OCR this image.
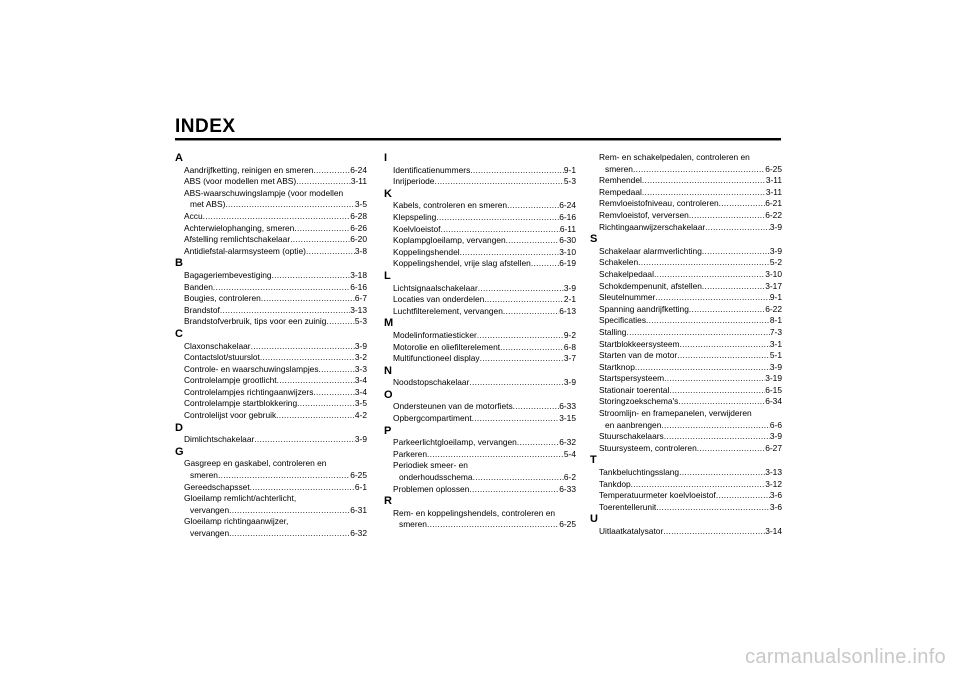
INDEX
A
Aandrijfketting, reinigen en smeren .....	6-24
ABS (voor modellen met ABS) .....	3-11
ABS-waarschuwingslampje (voor modellen
met ABS) .....	3-5
Accu .....	6-28
Achterwielophanging, smeren .....	6-26
Afstelling remlichtschakelaar .....	6-20
Antidiefstal-alarmsysteem (optie) .....	3-8
B
Bagageriembevestiging .....	3-18
Banden .....	6-16
Bougies, controleren .....	6-7
Brandstof .....	3-13
Brandstofverbruik, tips voor een zuinig .....	5-3
C
Claxonschakelaar .....	3-9
Contactslot/stuurslot .....	3-2
Controle- en waarschuwingslampjes .....	3-3
Controlelampje grootlicht .....	3-4
Controlelampjes richtingaanwijzers .....	3-4
Controlelampje startblokkering .....	3-5
Controlelijst voor gebruik .....	4-2
D
Dimlichtschakelaar .....	3-9
G
Gasgreep en gaskabel, controleren en
smeren .....	6-25
Gereedschapsset .....	6-1
Gloeilamp remlicht/achterlicht,
vervangen .....	6-31
Gloeilamp richtingaanwijzer,
vervangen .....	6-32
I
Identificatienummers .....	9-1
Inrijperiode .....	5-3
K
Kabels, controleren en smeren .....	6-24
Klepspeling .....	6-16
Koelvloeistof .....	6-11
Koplampgloeilamp, vervangen .....	6-30
Koppelingshendel .....	3-10
Koppelingshendel, vrije slag afstellen .....	6-19
L
Lichtsignaalschakelaar .....	3-9
Locaties van onderdelen .....	2-1
Luchtfilterelement, vervangen .....	6-13
M
Modelinformatiesticker .....	9-2
Motorolie en oliefilterelement .....	6-8
Multifunctioneel display .....	3-7
N
Noodstopschakelaar .....	3-9
O
Ondersteunen van de motorfiets .....	6-33
Opbergcompartiment .....	3-15
P
Parkeerlichtgloeilamp, vervangen .....	6-32
Parkeren .....	5-4
Periodiek smeer- en
onderhoudsschema .....	6-2
Problemen oplossen .....	6-33
R
Rem- en koppelingshendels, controleren en
smeren .....	6-25
Rem- en schakelpedalen, controleren en
smeren .....	6-25
Remhendel .....	3-11
Rempedaal .....	3-11
Remvloeistofniveau, controleren .....	6-21
Remvloeistof, verversen .....	6-22
Richtingaanwijzerschakelaar .....	3-9
S
Schakelaar alarmverlichting .....	3-9
Schakelen .....	5-2
Schakelpedaal .....	3-10
Schokdempenunit, afstellen .....	3-17
Sleutelnummer .....	9-1
Spanning aandrijfketting .....	6-22
Specificaties .....	8-1
Stalling .....	7-3
Startblokkeersysteem .....	3-1
Starten van de motor .....	5-1
Startknop .....	3-9
Startspersysteem .....	3-19
Stationair toerental .....	6-15
Storingzoekschema's .....	6-34
Stroomlijn- en framepanelen, verwijderen
en aanbrengen .....	6-6
Stuurschakelaars .....	3-9
Stuursysteem, controleren .....	6-27
T
Tankbeluchtingsslang .....	3-13
Tankdop .....	3-12
Temperatuurmeter koelvloeistof .....	3-6
Toerentellerunit .....	3-6
U
Uitlaatkatalysator .....	3-14
carmanualsonline.info
